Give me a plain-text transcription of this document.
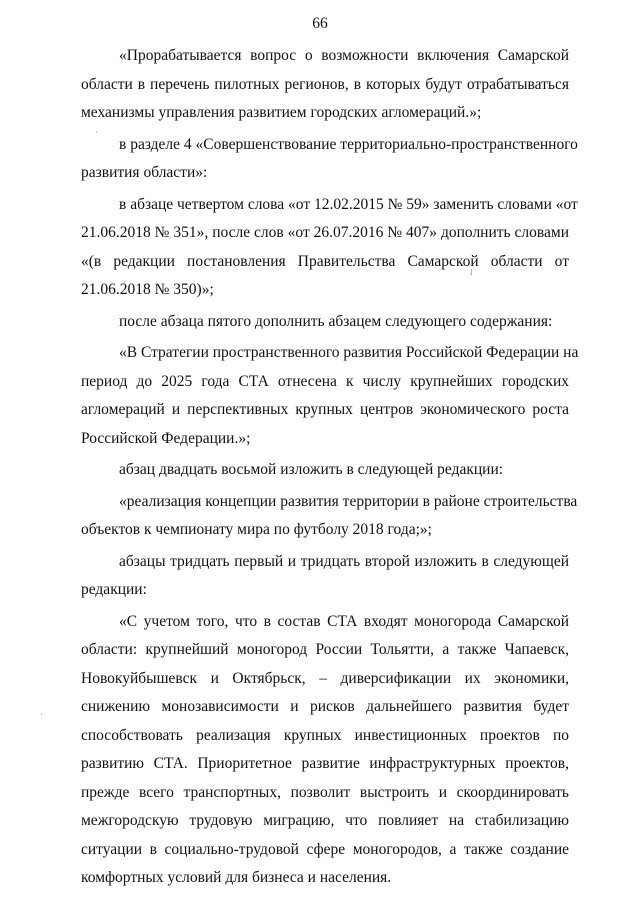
66
«Прорабатывается вопрос о возможности включения Самарской
области в перечень пилотных регионов, в которых будут отрабатываться
механизмы управления развитием городских агломераций.»;
в разделе 4 «Совершенствование территориально-пространственного
развития области»:
в абзаце четвертом слова «от 12.02.2015 № 59» заменить словами «от
21.06.2018 № 351», после слов «от 26.07.2016 № 407» дополнить словами
«(в редакции постановления Правительства Самарской области от
21.06.2018 № 350)»;
после абзаца пятого дополнить абзацем следующего содержания:
«В Стратегии пространственного развития Российской Федерации на
период до 2025 года СТА отнесена к числу крупнейших городских
агломераций и перспективных крупных центров экономического роста
Российской Федерации.»;
абзац двадцать восьмой изложить в следующей редакции:
«реализация концепции развития территории в районе строительства
объектов к чемпионату мира по футболу 2018 года;»;
абзацы тридцать первый и тридцать второй изложить в следующей
редакции:
«С учетом того, что в состав СТА входят моногорода Самарской
области: крупнейший моногород России Тольятти, а также Чапаевск,
Новокуйбышевск и Октябрьск, – диверсификации их экономики,
снижению монозависимости и рисков дальнейшего развития будет
способствовать реализация крупных инвестиционных проектов по
развитию СТА. Приоритетное развитие инфраструктурных проектов,
прежде всего транспортных, позволит выстроить и скоординировать
межгородскую трудовую миграцию, что повлияет на стабилизацию
ситуации в социально-трудовой сфере моногородов, а также создание
комфортных условий для бизнеса и населения.
⁞
·
·
